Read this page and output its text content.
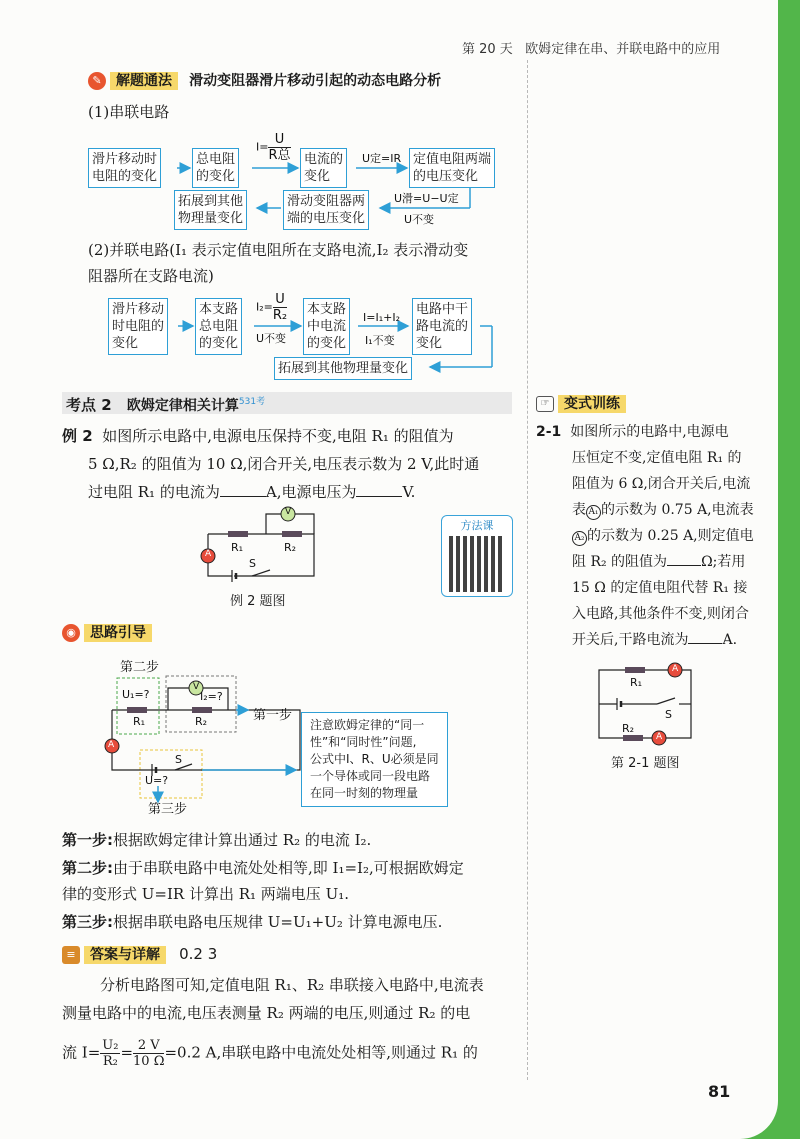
第 20 天 欧姆定律在串、并联电路中的应用
✎ 解题通法 滑动变阻器滑片移动引起的动态电路分析
(1)串联电路
滑片移动时
电阻的变化
总电阻
的变化
电流的
变化
定值电阻两端
的电压变化
拓展到其他
物理量变化
滑动变阻器两
端的电压变化
$I= \frac{U}{\text{R总}}$	U定=IR
U滑=U−U定
U不变
(2)并联电路(I₁ 表示定值电阻所在支路电流,I₂ 表示滑动变
阻器所在支路电流)
滑片移动
时电阻的
变化
本支路
总电阻
的变化
本支路
中电流
的变化
电路中干
路电流的
变化
拓展到其他物理量变化
$I_2= \frac{U}{\text{R₂}}$
U不变
I=I₁+I₂
I₁不变
考点 2 欧姆定律相关计算$^{531考}$
例 2 如图所示电路中,电源电压保持不变,电阻 R₁ 的阻值为
5 Ω,R₂ 的阻值为 10 Ω,闭合开关,电压表示数为 2 V,此时通
过电阻 R₁ 的电流为	A,电源电压为	V.
R₁	R₂
S
A
V
例 2 题图
方法课
◉ 思路引导
第二步
第一步
第三步
U₁=?	I₂=?
U=?
R₁	R₂
S
A
V
注意欧姆定律的“同一
性”和“同时性”问题,
公式中I、R、U必须是同
一个导体或同一段电路
在同一时刻的物理量
第一步:根据欧姆定律计算出通过 R₂ 的电流 I₂.
第二步:由于串联电路中电流处处相等,即 I₁=I₂,可根据欧姆定
律的变形式 U=IR 计算出 R₁ 两端电压 U₁.
第三步:根据串联电路电压规律 U=U₁+U₂ 计算电源电压.
≡ 答案与详解 0.2 3
分析电路图可知,定值电阻 R₁、R₂ 串联接入电路中,电流表
测量电路中的电流,电压表测量 R₂ 两端的电压,则通过 R₂ 的电
流 $I= \frac{\text{U₂}}{\text{R₂}} = \frac{2 V}{10 \Omega} =0.2$ A,串联电路中电流处处相等,则通过 R₁ 的
☞ 变式训练
2-1 如图所示的电路中,电源电
压恒定不变,定值电阻 R₁ 的
阻值为 6 Ω,闭合开关后,电流
表 A₁ 的示数为 0.75 A,电流表
A₂ 的示数为 0.25 A,则定值电
阻 R₂ 的阻值为 Ω;若用
15 Ω 的定值电阻代替 R₁ 接
入电路,其他条件不变,则闭合
开关后,干路电流为 A.
R₁
R₂
S
A
A
第 2-1 题图
81
